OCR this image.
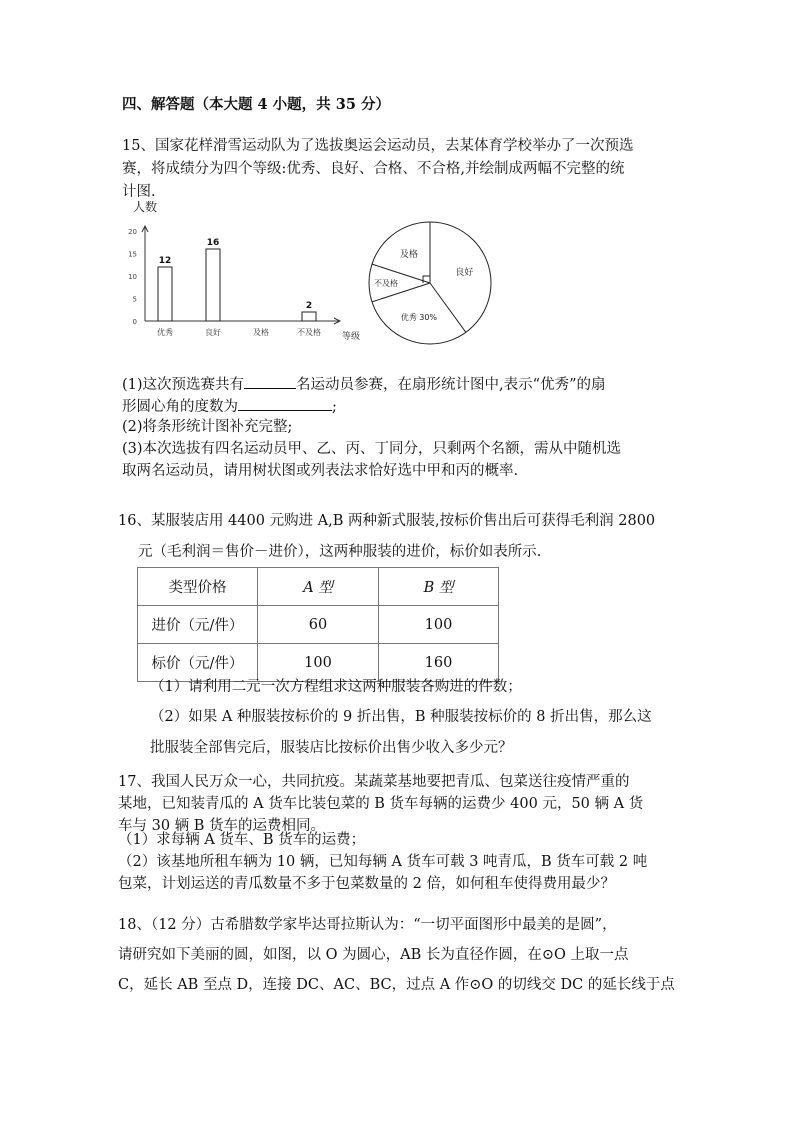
四、解答题（本大题 4 小题，共 35 分）
15、国家花样滑雪运动队为了选拔奥运会运动员，去某体育学校举办了一次预选
赛，将成绩分为四个等级:优秀、良好、合格、不合格,并绘制成两幅不完整的统
计图.
人数
等级
0
5
10
15
20
12
优秀
16
良好	及格
2
不及格
良好
及格
不及格
优秀 30%
(1)这次预选赛共有	名运动员参赛，在扇形统计图中,表示“优秀”的扇
形圆心角的度数为	;
(2)将条形统计图补充完整;
(3)本次选拔有四名运动员甲、乙、丙、丁同分，只剩两个名额，需从中随机选
取两名运动员，请用树状图或列表法求恰好选中甲和丙的概率.
16、某服装店用 4400 元购进 A,B 两种新式服装,按标价售出后可获得毛利润 2800
元（毛利润＝售价－进价），这两种服装的进价，标价如表所示.
类型价格	A 型	B 型
进价（元/件）	60	100
标价（元/件）	100	160
（1）请利用二元一次方程组求这两种服装各购进的件数；
（2）如果 A 种服装按标价的 9 折出售，B 种服装按标价的 8 折出售，那么这
批服装全部售完后，服装店比按标价出售少收入多少元？
17、我国人民万众一心，共同抗疫。某蔬菜基地要把青瓜、包菜送往疫情严重的
某地，已知装青瓜的 A 货车比装包菜的 B 货车每辆的运费少 400 元，50 辆 A 货
车与 30 辆 B 货车的运费相同。
（1）求每辆 A 货车、B 货车的运费；
（2）该基地所租车辆为 10 辆，已知每辆 A 货车可载 3 吨青瓜，B 货车可载 2 吨
包菜，计划运送的青瓜数量不多于包菜数量的 2 倍，如何租车使得费用最少？
18、（12 分）古希腊数学家毕达哥拉斯认为：“一切平面图形中最美的是圆”，
请研究如下美丽的圆，如图，以 O 为圆心，AB 长为直径作圆，在⊙O 上取一点
C，延长 AB 至点 D，连接 DC、AC、BC，过点 A 作⊙O 的切线交 DC 的延长线于点
